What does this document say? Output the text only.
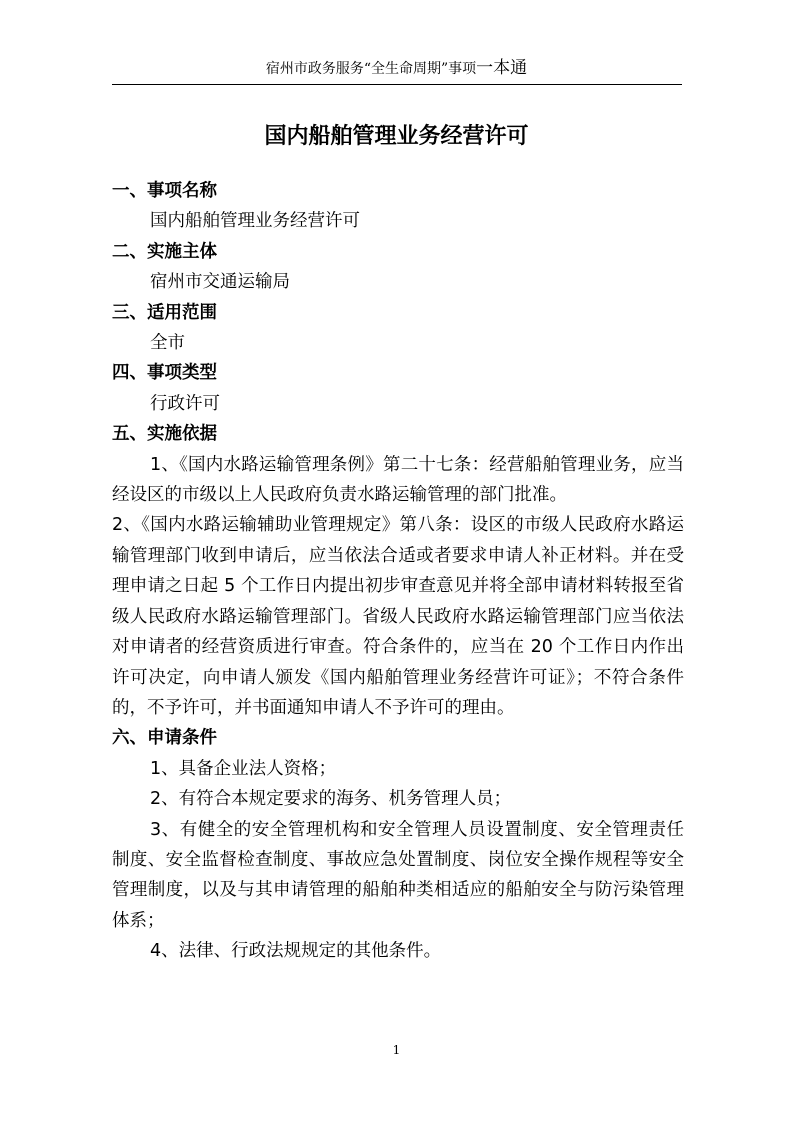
宿州市政务服务“全生命周期”事项一本通
国内船舶管理业务经营许可

一、事项名称

国内船舶管理业务经营许可

二、实施主体

宿州市交通运输局

三、适用范围

全市

四、事项类型

行政许可

五、实施依据

1、《国内水路运输管理条例》第二十七条：经营船舶管理业务，应当经设区的市级以上人民政府负责水路运输管理的部门批准。

2、《国内水路运输辅助业管理规定》第八条：设区的市级人民政府水路运输管理部门收到申请后，应当依法合适或者要求申请人补正材料。并在受理申请之日起 5 个工作日内提出初步审查意见并将全部申请材料转报至省级人民政府水路运输管理部门。省级人民政府水路运输管理部门应当依法对申请者的经营资质进行审查。符合条件的，应当在 20 个工作日内作出许可决定，向申请人颁发《国内船舶管理业务经营许可证》；不符合条件的，不予许可，并书面通知申请人不予许可的理由。

六、申请条件

1、具备企业法人资格；

2、有符合本规定要求的海务、机务管理人员；

3、有健全的安全管理机构和安全管理人员设置制度、安全管理责任制度、安全监督检查制度、事故应急处置制度、岗位安全操作规程等安全管理制度，以及与其申请管理的船舶种类相适应的船舶安全与防污染管理体系；

4、法律、行政法规规定的其他条件。

1
